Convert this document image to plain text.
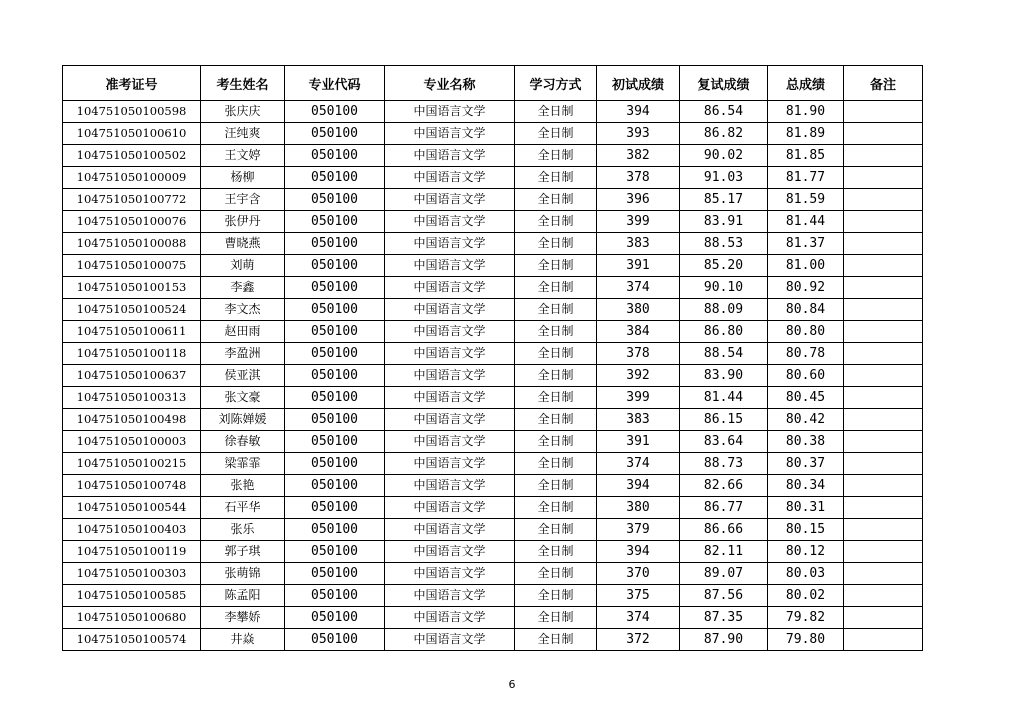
准考证号	考生姓名	专业代码	专业名称	学习方式	初试成绩	复试成绩	总成绩	备注
104751050100598	张庆庆	050100	中国语言文学	全日制	394	86.54	81.90	
104751050100610	汪纯爽	050100	中国语言文学	全日制	393	86.82	81.89	
104751050100502	王文婷	050100	中国语言文学	全日制	382	90.02	81.85	
104751050100009	杨柳	050100	中国语言文学	全日制	378	91.03	81.77	
104751050100772	王宇含	050100	中国语言文学	全日制	396	85.17	81.59	
104751050100076	张伊丹	050100	中国语言文学	全日制	399	83.91	81.44	
104751050100088	曹晓燕	050100	中国语言文学	全日制	383	88.53	81.37	
104751050100075	刘萌	050100	中国语言文学	全日制	391	85.20	81.00	
104751050100153	李鑫	050100	中国语言文学	全日制	374	90.10	80.92	
104751050100524	李文杰	050100	中国语言文学	全日制	380	88.09	80.84	
104751050100611	赵田雨	050100	中国语言文学	全日制	384	86.80	80.80	
104751050100118	李盈洲	050100	中国语言文学	全日制	378	88.54	80.78	
104751050100637	侯亚淇	050100	中国语言文学	全日制	392	83.90	80.60	
104751050100313	张文豪	050100	中国语言文学	全日制	399	81.44	80.45	
104751050100498	刘陈婵媛	050100	中国语言文学	全日制	383	86.15	80.42	
104751050100003	徐春敏	050100	中国语言文学	全日制	391	83.64	80.38	
104751050100215	梁霏霏	050100	中国语言文学	全日制	374	88.73	80.37	
104751050100748	张艳	050100	中国语言文学	全日制	394	82.66	80.34	
104751050100544	石平华	050100	中国语言文学	全日制	380	86.77	80.31	
104751050100403	张乐	050100	中国语言文学	全日制	379	86.66	80.15	
104751050100119	郭子琪	050100	中国语言文学	全日制	394	82.11	80.12	
104751050100303	张萌锦	050100	中国语言文学	全日制	370	89.07	80.03	
104751050100585	陈孟阳	050100	中国语言文学	全日制	375	87.56	80.02	
104751050100680	李攀娇	050100	中国语言文学	全日制	374	87.35	79.82	
104751050100574	井焱	050100	中国语言文学	全日制	372	87.90	79.80	
6
